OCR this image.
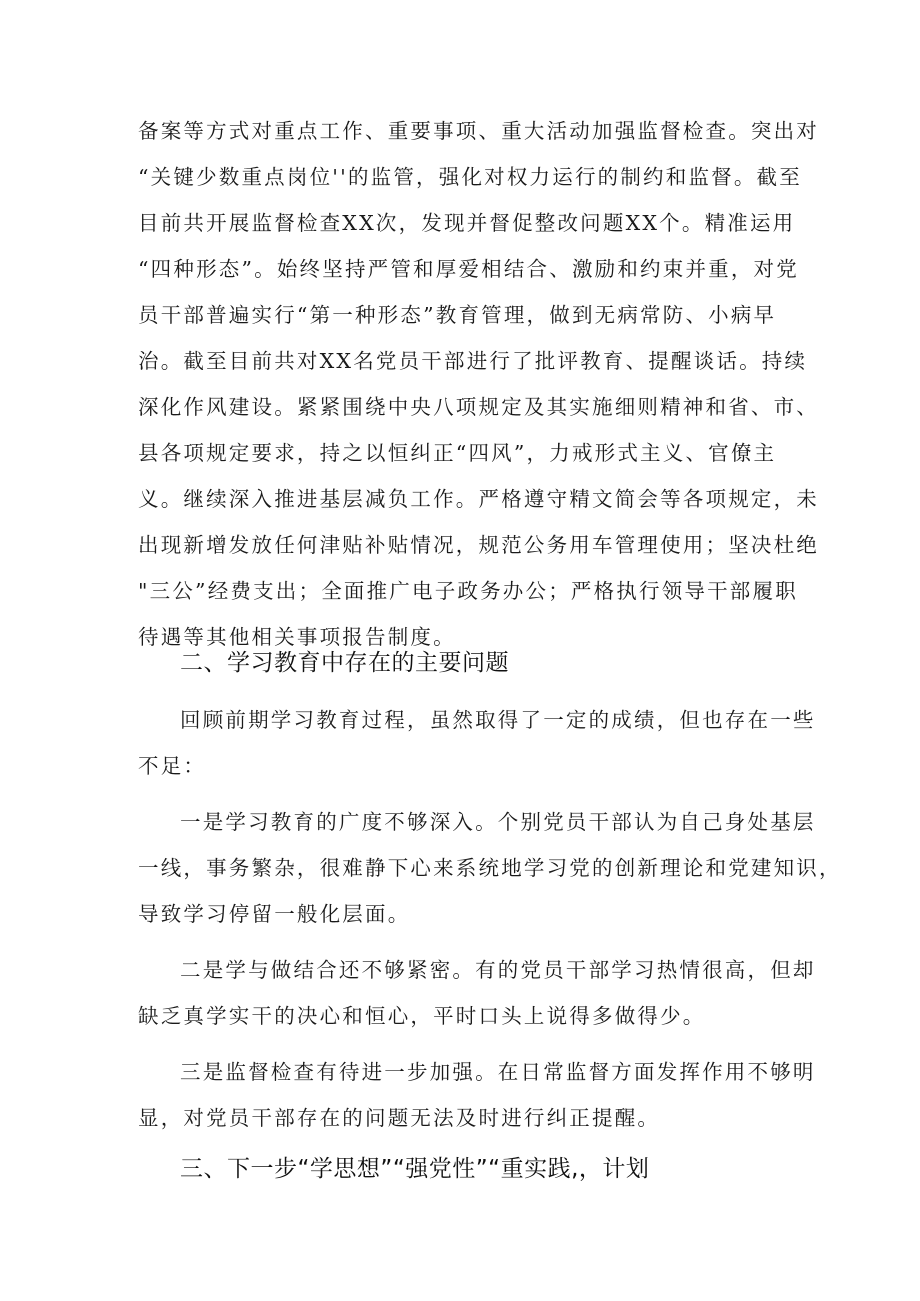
备案等方式对重点工作、重要事项、重大活动加强监督检查。突出对
“关键少数重点岗位''的监管，强化对权力运行的制约和监督。截至
目前共开展监督检查XX次，发现并督促整改问题XX个。精准运用
“四种形态”。始终坚持严管和厚爱相结合、激励和约束并重，对党
员干部普遍实行“第一种形态”教育管理，做到无病常防、小病早
治。截至目前共对XX名党员干部进行了批评教育、提醒谈话。持续
深化作风建设。紧紧围绕中央八项规定及其实施细则精神和省、市、
县各项规定要求，持之以恒纠正“四风”，力戒形式主义、官僚主
义。继续深入推进基层减负工作。严格遵守精文简会等各项规定，未
出现新增发放任何津贴补贴情况，规范公务用车管理使用；坚决杜绝
"三公”经费支出；全面推广电子政务办公；严格执行领导干部履职
待遇等其他相关事项报告制度。
二、学习教育中存在的主要问题
回顾前期学习教育过程，虽然取得了一定的成绩，但也存在一些
不足：
一是学习教育的广度不够深入。个别党员干部认为自己身处基层
一线，事务繁杂，很难静下心来系统地学习党的创新理论和党建知识，
导致学习停留一般化层面。
二是学与做结合还不够紧密。有的党员干部学习热情很高，但却
缺乏真学实干的决心和恒心，平时口头上说得多做得少。
三是监督检查有待进一步加强。在日常监督方面发挥作用不够明
显，对党员干部存在的问题无法及时进行纠正提醒。
三、下一步“学思想”“强党性”“重实践,，计划
